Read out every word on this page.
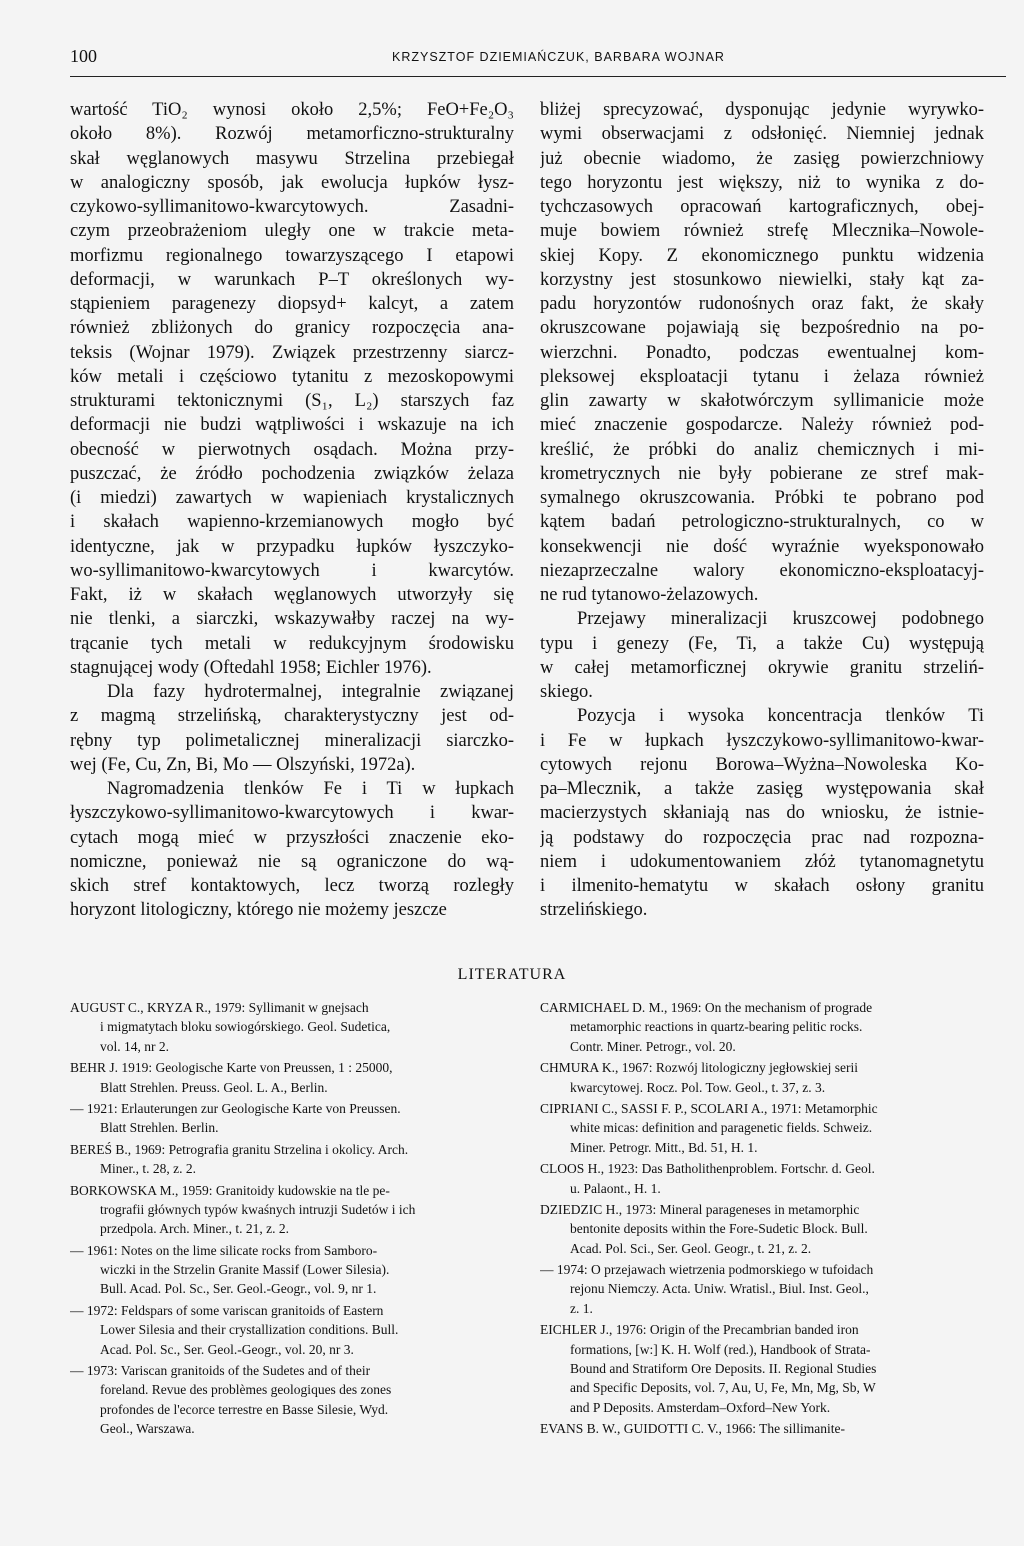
100	KRZYSZTOF DZIEMIAŃCZUK, BARBARA WOJNAR
wartość TiO₂ wynosi około 2,5%; FeO+Fe₂O₃
około 8%). Rozwój metamorficzno-strukturalny
skał węglanowych masywu Strzelina przebiegał
w analogiczny sposób, jak ewolucja łupków łysz-
czykowo-syllimanitowo-kwarcytowych. Zasadni-
czym przeobrażeniom uległy one w trakcie meta-
morfizmu regionalnego towarzyszącego I etapowi
deformacji, w warunkach P–T określonych wy-
stąpieniem paragenezy diopsyd+ kalcyt, a zatem
również zbliżonych do granicy rozpoczęcia ana-
teksis (Wojnar 1979). Związek przestrzenny siarcz-
ków metali i częściowo tytanitu z mezoskopowymi
strukturami tektonicznymi (S₁, L₂) starszych faz
deformacji nie budzi wątpliwości i wskazuje na ich
obecność w pierwotnych osądach. Można przy-
puszczać, że źródło pochodzenia związków żelaza
(i miedzi) zawartych w wapieniach krystalicznych
i skałach wapienno-krzemianowych mogło być
identyczne, jak w przypadku łupków łyszczyko-
wo-syllimanitowo-kwarcytowych i kwarcytów.
Fakt, iż w skałach węglanowych utworzyły się
nie tlenki, a siarczki, wskazywałby raczej na wy-
trącanie tych metali w redukcyjnym środowisku
stagnującej wody (Oftedahl 1958; Eichler 1976).
  Dla fazy hydrotermalnej, integralnie związanej
z magmą strzelińską, charakterystyczny jest od-
rębny typ polimetalicznej mineralizacji siarczko-
wej (Fe, Cu, Zn, Bi, Mo — Olszyński, 1972a).
  Nagromadzenia tlenków Fe i Ti w łupkach
łyszczykowo-syllimanitowo-kwarcytowych i kwar-
cytach mogą mieć w przyszłości znaczenie eko-
nomiczne, ponieważ nie są ograniczone do wą-
skich stref kontaktowych, lecz tworzą rozległy
horyzont litologiczny, którego nie możemy jeszcze
bliżej sprecyzować, dysponując jedynie wyrywko-
wymi obserwacjami z odsłonięć. Niemniej jednak
już obecnie wiadomo, że zasięg powierzchniowy
tego horyzontu jest większy, niż to wynika z do-
tychczasowych opracowań kartograficznych, obej-
muje bowiem również strefę Mlecznika–Nowole-
skiej Kopy. Z ekonomicznego punktu widzenia
korzystny jest stosunkowo niewielki, stały kąt za-
padu horyzontów rudonośnych oraz fakt, że skały
okruszcowane pojawiają się bezpośrednio na po-
wierzchni. Ponadto, podczas ewentualnej kom-
pleksowej eksploatacji tytanu i żelaza również
glin zawarty w skałotwórczym syllimanicie może
mieć znaczenie gospodarcze. Należy również pod-
kreślić, że próbki do analiz chemicznych i mi-
krometrycznych nie były pobierane ze stref mak-
symalnego okruszcowania. Próbki te pobrano pod
kątem badań petrologiczno-strukturalnych, co w
konsekwencji nie dość wyraźnie wyeksponowało
niezaprzeczalne walory ekonomiczno-eksploatacyj-
ne rud tytanowo-żelazowych.
  Przejawy mineralizacji kruszcowej podobnego
typu i genezy (Fe, Ti, a także Cu) występują
w całej metamorficznej okrywie granitu strzeliń-
skiego.
  Pozycja i wysoka koncentracja tlenków Ti
i Fe w łupkach łyszczykowo-syllimanitowo-kwar-
cytowych rejonu Borowa–Wyżna–Nowoleska Ko-
pa–Mlecznik, a także zasięg występowania skał
macierzystych skłaniają nas do wniosku, że istnie-
ją podstawy do rozpoczęcia prac nad rozpozna-
niem i udokumentowaniem złóż tytanomagnetytu
i ilmenito-hematytu w skałach osłony granitu
strzelińskiego.
LITERATURA
AUGUST C., KRYZA R., 1979: Syllimanit w gnejsach
i migmatytach bloku sowiogórskiego. Geol. Sudetica,
vol. 14, nr 2.
BEHR J. 1919: Geologische Karte von Preussen, 1 : 25000,
Blatt Strehlen. Preuss. Geol. L. A., Berlin.
— 1921: Erlauterungen zur Geologische Karte von Preussen.
Blatt Strehlen. Berlin.
BEREŚ B., 1969: Petrografia granitu Strzelina i okolicy. Arch.
Miner., t. 28, z. 2.
BORKOWSKA M., 1959: Granitoidy kudowskie na tle pe-
trografii głównych typów kwaśnych intruzji Sudetów i ich
przedpola. Arch. Miner., t. 21, z. 2.
— 1961: Notes on the lime silicate rocks from Samboro-
wiczki in the Strzelin Granite Massif (Lower Silesia).
Bull. Acad. Pol. Sc., Ser. Geol.-Geogr., vol. 9, nr 1.
— 1972: Feldspars of some variscan granitoids of Eastern
Lower Silesia and their crystallization conditions. Bull.
Acad. Pol. Sc., Ser. Geol.-Geogr., vol. 20, nr 3.
— 1973: Variscan granitoids of the Sudetes and of their
foreland. Revue des problèmes geologiques des zones
profondes de l'ecorce terrestre en Basse Silesie, Wyd.
Geol., Warszawa.
CARMICHAEL D. M., 1969: On the mechanism of prograde
metamorphic reactions in quartz-bearing pelitic rocks.
Contr. Miner. Petrogr., vol. 20.
CHMURA K., 1967: Rozwój litologiczny jegłowskiej serii
kwarcytowej. Rocz. Pol. Tow. Geol., t. 37, z. 3.
CIPRIANI C., SASSI F. P., SCOLARI A., 1971: Metamorphic
white micas: definition and paragenetic fields. Schweiz.
Miner. Petrogr. Mitt., Bd. 51, H. 1.
CLOOS H., 1923: Das Batholithenproblem. Fortschr. d. Geol.
u. Palaont., H. 1.
DZIEDZIC H., 1973: Mineral parageneses in metamorphic
bentonite deposits within the Fore-Sudetic Block. Bull.
Acad. Pol. Sci., Ser. Geol. Geogr., t. 21, z. 2.
— 1974: O przejawach wietrzenia podmorskiego w tufoidach
rejonu Niemczy. Acta. Uniw. Wratisl., Biul. Inst. Geol.,
z. 1.
EICHLER J., 1976: Origin of the Precambrian banded iron
formations, [w:] K. H. Wolf (red.), Handbook of Strata-
Bound and Stratiform Ore Deposits. II. Regional Studies
and Specific Deposits, vol. 7, Au, U, Fe, Mn, Mg, Sb, W
and P Deposits. Amsterdam–Oxford–New York.
EVANS B. W., GUIDOTTI C. V., 1966: The sillimanite-
